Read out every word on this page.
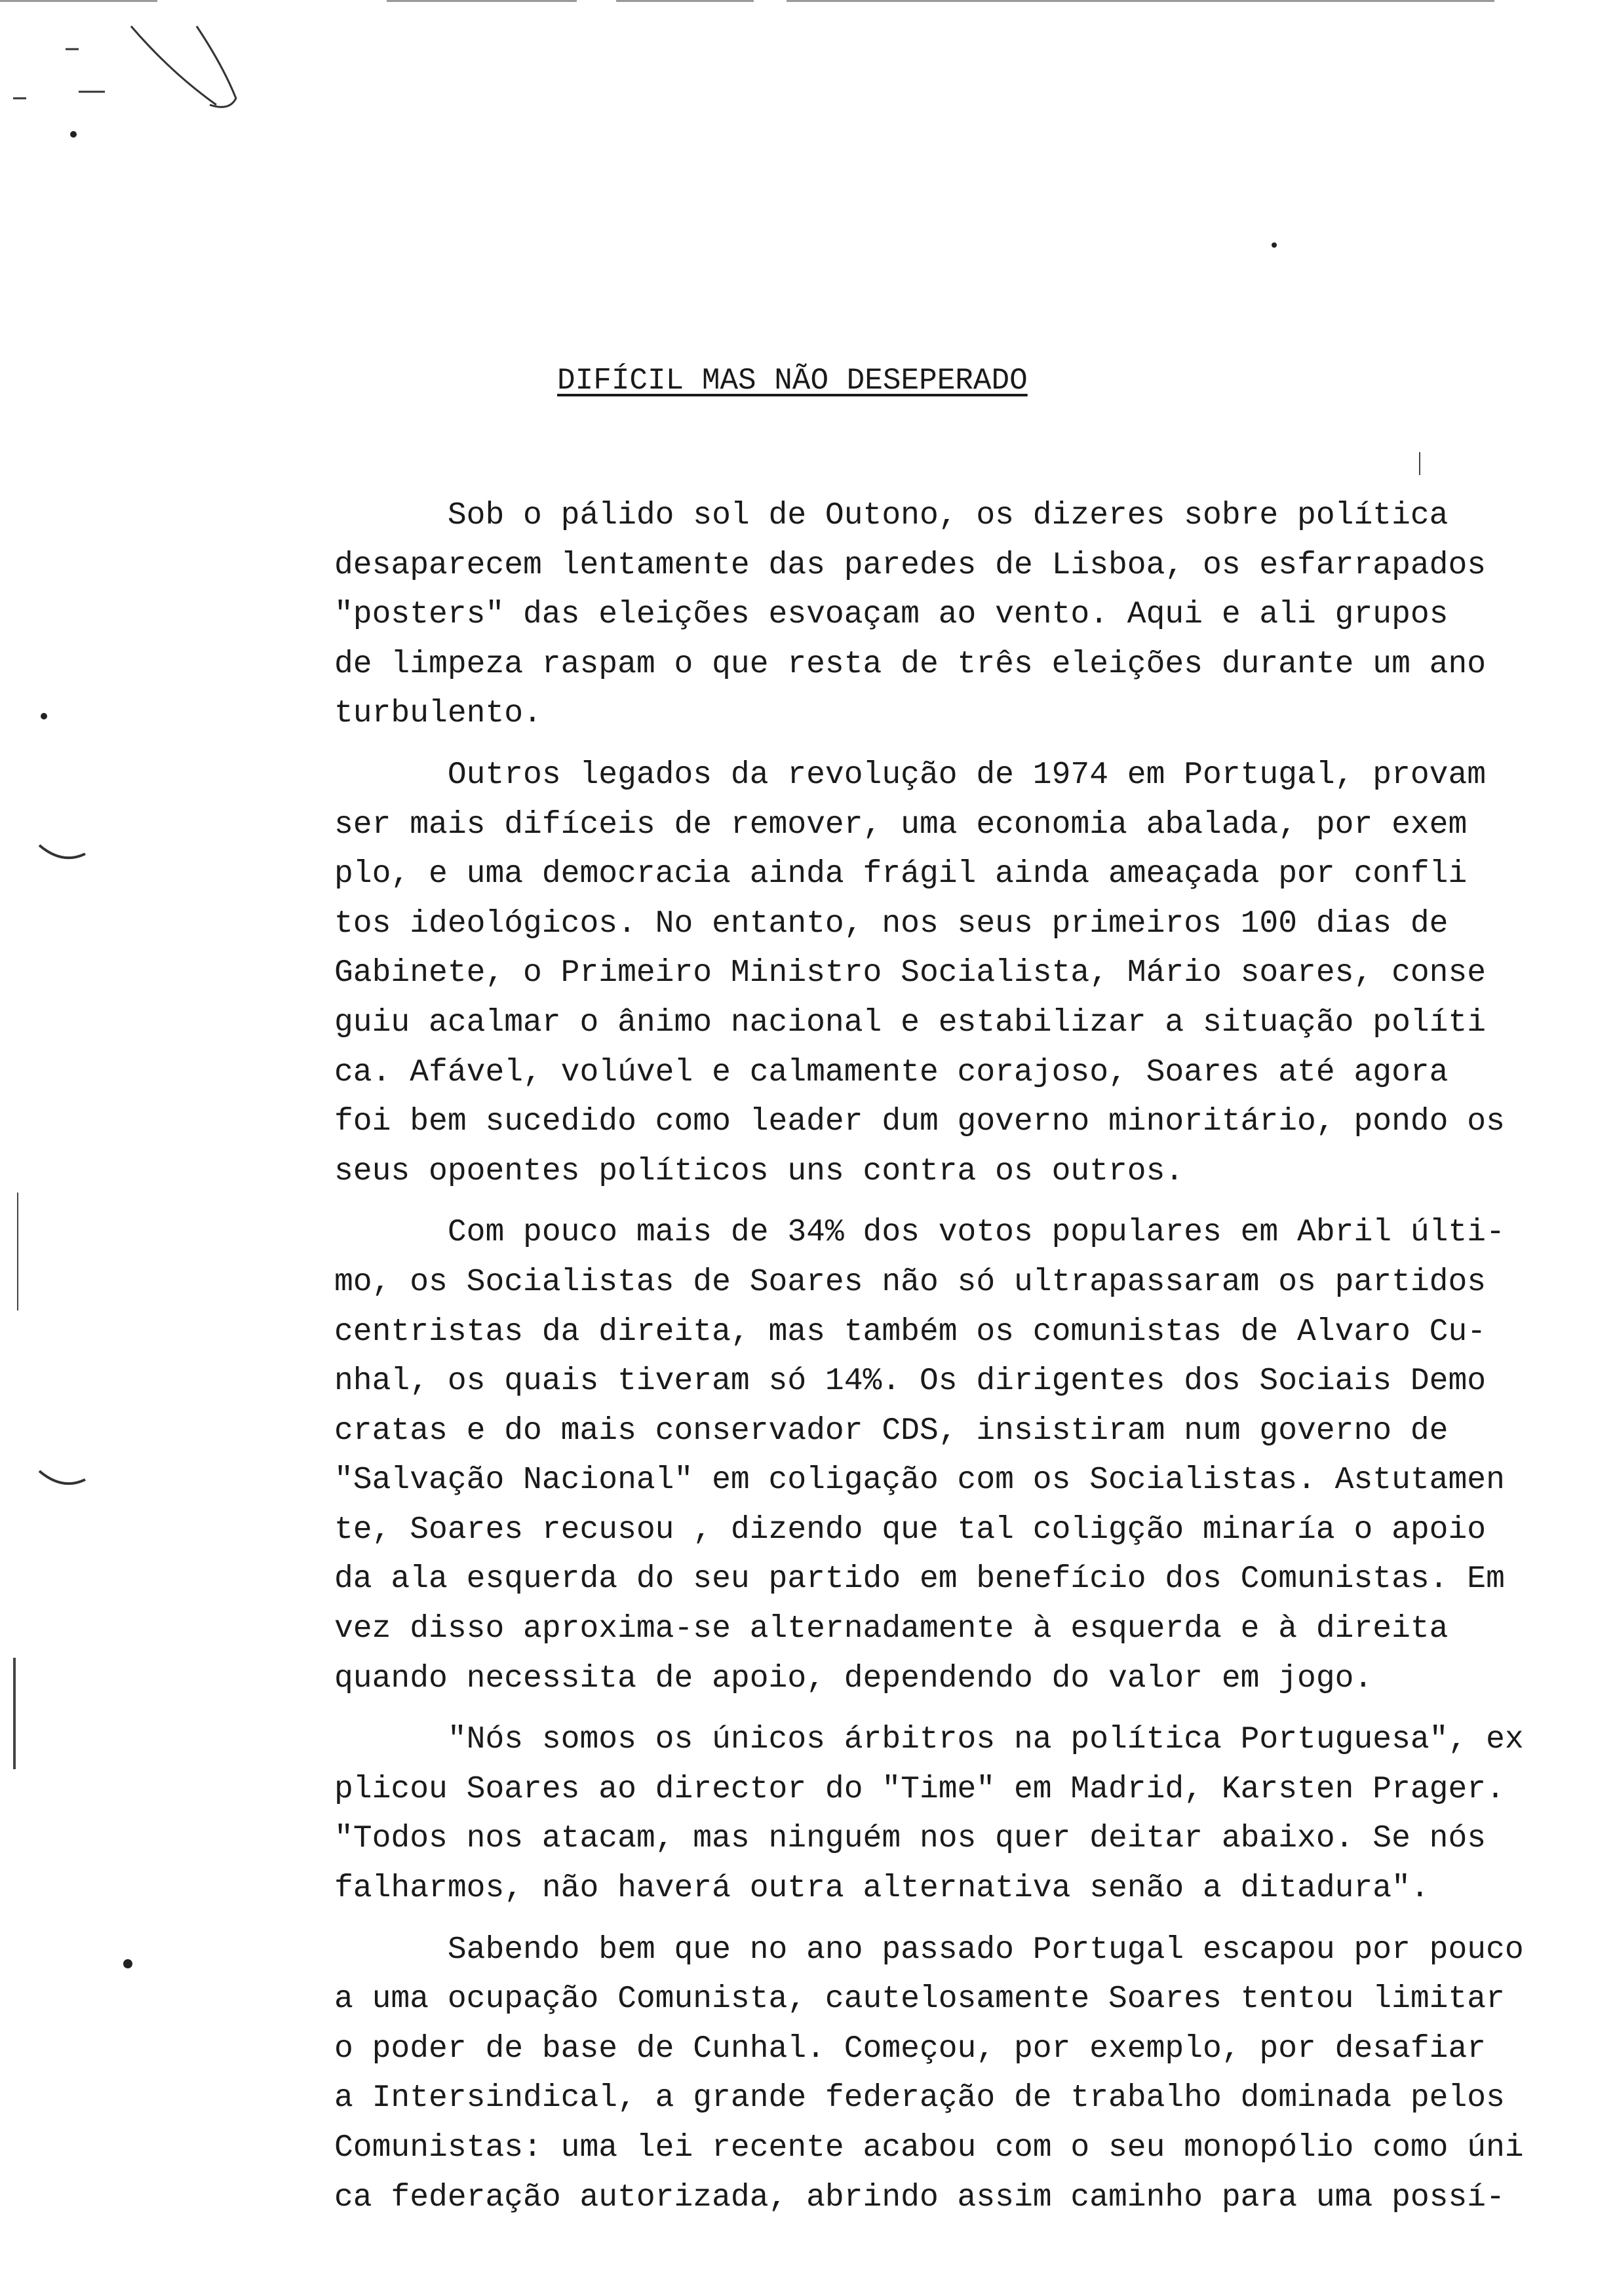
DIFÍCIL MAS NÃO DESEPERADO
Sob o pálido sol de Outono, os dizeres sobre política
desaparecem lentamente das paredes de Lisboa, os esfarrapados
"posters" das eleições esvoaçam ao vento. Aqui e ali grupos
de limpeza raspam o que resta de três eleições durante um ano
turbulento.
Outros legados da revolução de 1974 em Portugal, provam
ser mais difíceis de remover, uma economia abalada, por exem
plo, e uma democracia ainda frágil ainda ameaçada por confli
tos ideológicos. No entanto, nos seus primeiros 100 dias de
Gabinete, o Primeiro Ministro Socialista, Mário soares, conse
guiu acalmar o ânimo nacional e estabilizar a situação políti
ca. Afável, volúvel e calmamente corajoso, Soares até agora
foi bem sucedido como leader dum governo minoritário, pondo os
seus opoentes políticos uns contra os outros.
Com pouco mais de 34% dos votos populares em Abril últi-
mo, os Socialistas de Soares não só ultrapassaram os partidos
centristas da direita, mas também os comunistas de Alvaro Cu-
nhal, os quais tiveram só 14%. Os dirigentes dos Sociais Demo
cratas e do mais conservador CDS, insistiram num governo de
"Salvação Nacional" em coligação com os Socialistas. Astutamen
te, Soares recusou , dizendo que tal coligção minaría o apoio
da ala esquerda do seu partido em benefício dos Comunistas. Em
vez disso aproxima-se alternadamente à esquerda e à direita
quando necessita de apoio, dependendo do valor em jogo.
"Nós somos os únicos árbitros na política Portuguesa", ex
plicou Soares ao director do "Time" em Madrid, Karsten Prager.
"Todos nos atacam, mas ninguém nos quer deitar abaixo. Se nós
falharmos, não haverá outra alternativa senão a ditadura".
Sabendo bem que no ano passado Portugal escapou por pouco
a uma ocupação Comunista, cautelosamente Soares tentou limitar
o poder de base de Cunhal. Começou, por exemplo, por desafiar
a Intersindical, a grande federação de trabalho dominada pelos
Comunistas: uma lei recente acabou com o seu monopólio como úni
ca federação autorizada, abrindo assim caminho para uma possí-
